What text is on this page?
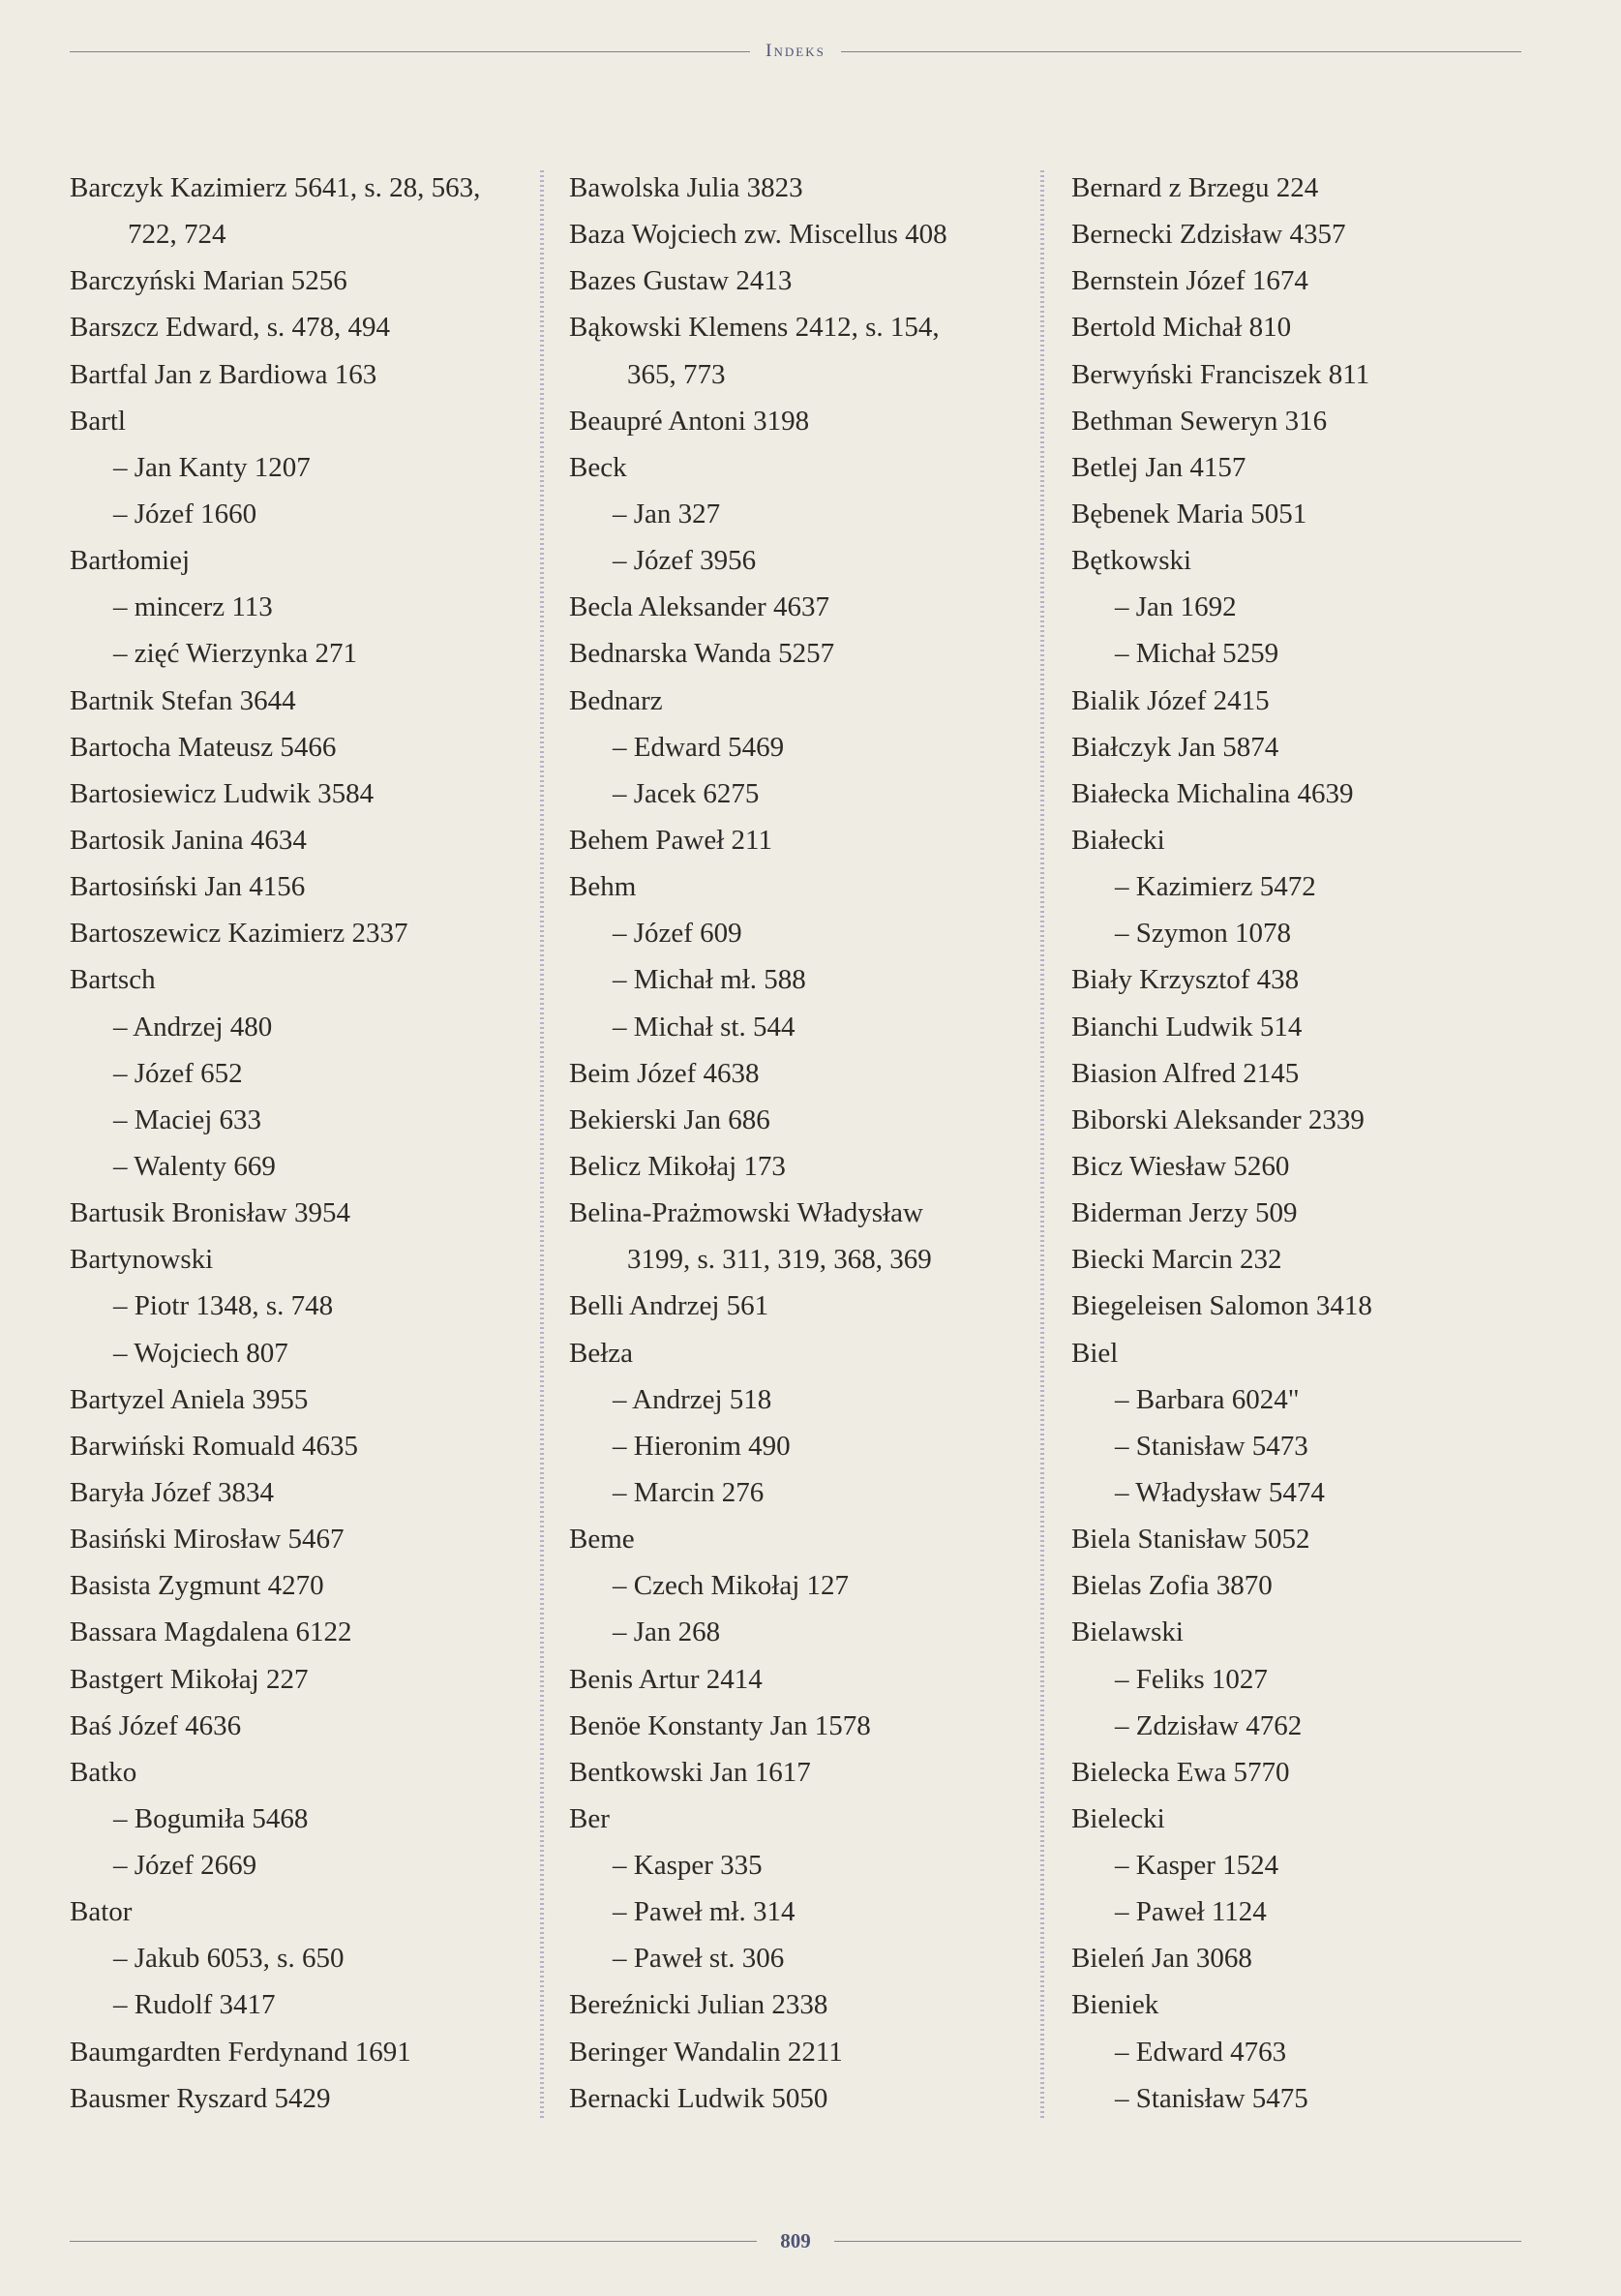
Indeks
Barczyk Kazimierz 5641, s. 28, 563,
722, 724
Barczyński Marian 5256
Barszcz Edward, s. 478, 494
Bartfal Jan z Bardiowa 163
Bartl
– Jan Kanty 1207
– Józef 1660
Bartłomiej
– mincerz 113
– zięć Wierzynka 271
Bartnik Stefan 3644
Bartocha Mateusz 5466
Bartosiewicz Ludwik 3584
Bartosik Janina 4634
Bartosiński Jan 4156
Bartoszewicz Kazimierz 2337
Bartsch
– Andrzej 480
– Józef 652
– Maciej 633
– Walenty 669
Bartusik Bronisław 3954
Bartynowski
– Piotr 1348, s. 748
– Wojciech 807
Bartyzel Aniela 3955
Barwiński Romuald 4635
Baryła Józef 3834
Basiński Mirosław 5467
Basista Zygmunt 4270
Bassara Magdalena 6122
Bastgert Mikołaj 227
Baś Józef 4636
Batko
– Bogumiła 5468
– Józef 2669
Bator
– Jakub 6053, s. 650
– Rudolf 3417
Baumgardten Ferdynand 1691
Bausmer Ryszard 5429
Bawolska Julia 3823
Baza Wojciech zw. Miscellus 408
Bazes Gustaw 2413
Bąkowski Klemens 2412, s. 154,
365, 773
Beaupré Antoni 3198
Beck
– Jan 327
– Józef 3956
Becla Aleksander 4637
Bednarska Wanda 5257
Bednarz
– Edward 5469
– Jacek 6275
Behem Paweł 211
Behm
– Józef 609
– Michał mł. 588
– Michał st. 544
Beim Józef 4638
Bekierski Jan 686
Belicz Mikołaj 173
Belina-Prażmowski Władysław
3199, s. 311, 319, 368, 369
Belli Andrzej 561
Bełza
– Andrzej 518
– Hieronim 490
– Marcin 276
Beme
– Czech Mikołaj 127
– Jan 268
Benis Artur 2414
Benöe Konstanty Jan 1578
Bentkowski Jan 1617
Ber
– Kasper 335
– Paweł mł. 314
– Paweł st. 306
Bereźnicki Julian 2338
Beringer Wandalin 2211
Bernacki Ludwik 5050
Bernard z Brzegu 224
Bernecki Zdzisław 4357
Bernstein Józef 1674
Bertold Michał 810
Berwyński Franciszek 811
Bethman Seweryn 316
Betlej Jan 4157
Bębenek Maria 5051
Bętkowski
– Jan 1692
– Michał 5259
Bialik Józef 2415
Białczyk Jan 5874
Białecka Michalina 4639
Białecki
– Kazimierz 5472
– Szymon 1078
Biały Krzysztof 438
Bianchi Ludwik 514
Biasion Alfred 2145
Biborski Aleksander 2339
Bicz Wiesław 5260
Biderman Jerzy 509
Biecki Marcin 232
Biegeleisen Salomon 3418
Biel
– Barbara 6024"
– Stanisław 5473
– Władysław 5474
Biela Stanisław 5052
Bielas Zofia 3870
Bielawski
– Feliks 1027
– Zdzisław 4762
Bielecka Ewa 5770
Bielecki
– Kasper 1524
– Paweł 1124
Bieleń Jan 3068
Bieniek
– Edward 4763
– Stanisław 5475
809
